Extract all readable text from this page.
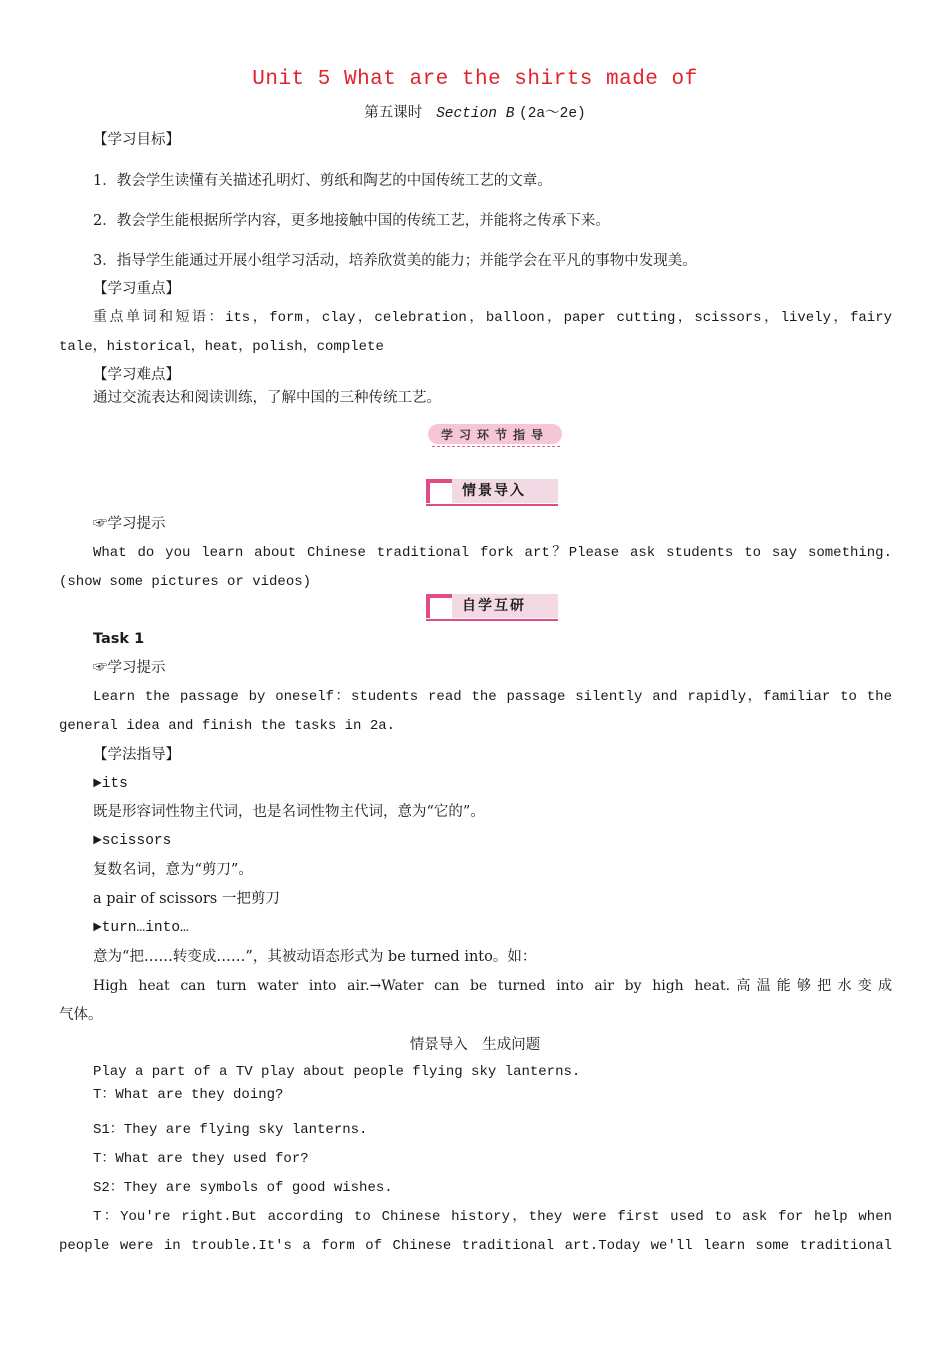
Unit 5 What are the shirts made of
第五课时 Section B (2a～2e)
【学习目标】
1．教会学生读懂有关描述孔明灯、剪纸和陶艺的中国传统工艺的文章。
2．教会学生能根据所学内容，更多地接触中国的传统工艺，并能将之传承下来。
3．指导学生能通过开展小组学习活动，培养欣赏美的能力；并能学会在平凡的事物中发现美。
【学习重点】
重点单词和短语：its，form，clay，celebration，balloon，paper cutting，scissors，lively，fairy
tale，historical，heat，polish，complete
【学习难点】
通过交流表达和阅读训练，了解中国的三种传统工艺。
学习环节指导
情景导入
☞学习提示
What do you learn about Chinese traditional fork art？Please ask students to say something.
(show some pictures or videos)
自学互研
Task 1
☞学习提示
Learn the passage by oneself：students read the passage silently and rapidly，familiar to the
general idea and finish the tasks in 2a.
【学法指导】
►its
既是形容词性物主代词，也是名词性物主代词，意为“它的”。
►scissors
复数名词，意为“剪刀”。
a pair of scissors 一把剪刀
►turn…into…
意为“把……转变成……”，其被动语态形式为 be turned into。如：
High heat can turn water into air.→Water can be turned into air by high heat.高温能够把水变成
气体。
情景导入　生成问题
Play a part of a TV play about people flying sky lanterns.
T：What are they doing?
S1：They are flying sky lanterns.
T：What are they used for?
S2：They are symbols of good wishes.
T：You're right.But according to Chinese history，they were first used to ask for help when
people were in trouble.It's a form of Chinese traditional art.Today we'll learn some traditional
